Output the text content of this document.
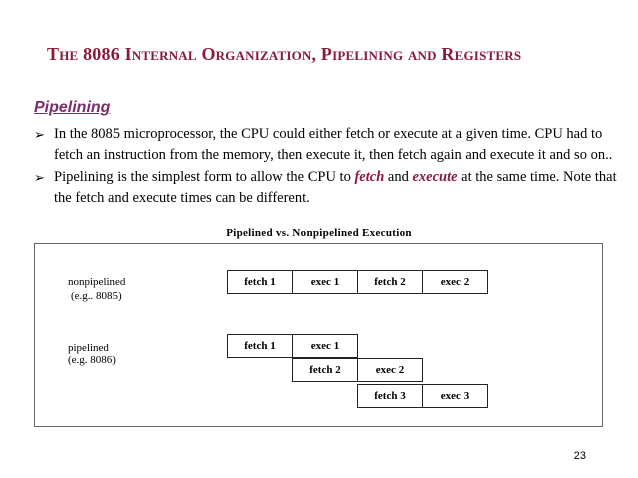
The 8086 Internal Organization, Pipelining and Registers
Pipelining
➢ In the 8085 microprocessor, the CPU could either fetch or execute at a given time. CPU had to fetch an instruction from the memory, then execute it, then fetch again and execute it and so on..
➢ Pipelining is the simplest form to allow the CPU to fetch and execute at the same time. Note that the fetch and execute times can be different.
Pipelined vs. Nonpipelined Execution
nonpipelined
(e.g.. 8085)
fetch 1	exec 1	fetch 2	exec 2
pipelined
(e.g. 8086)
fetch 1	exec 1
fetch 2	exec 2
fetch 3	exec 3
23
